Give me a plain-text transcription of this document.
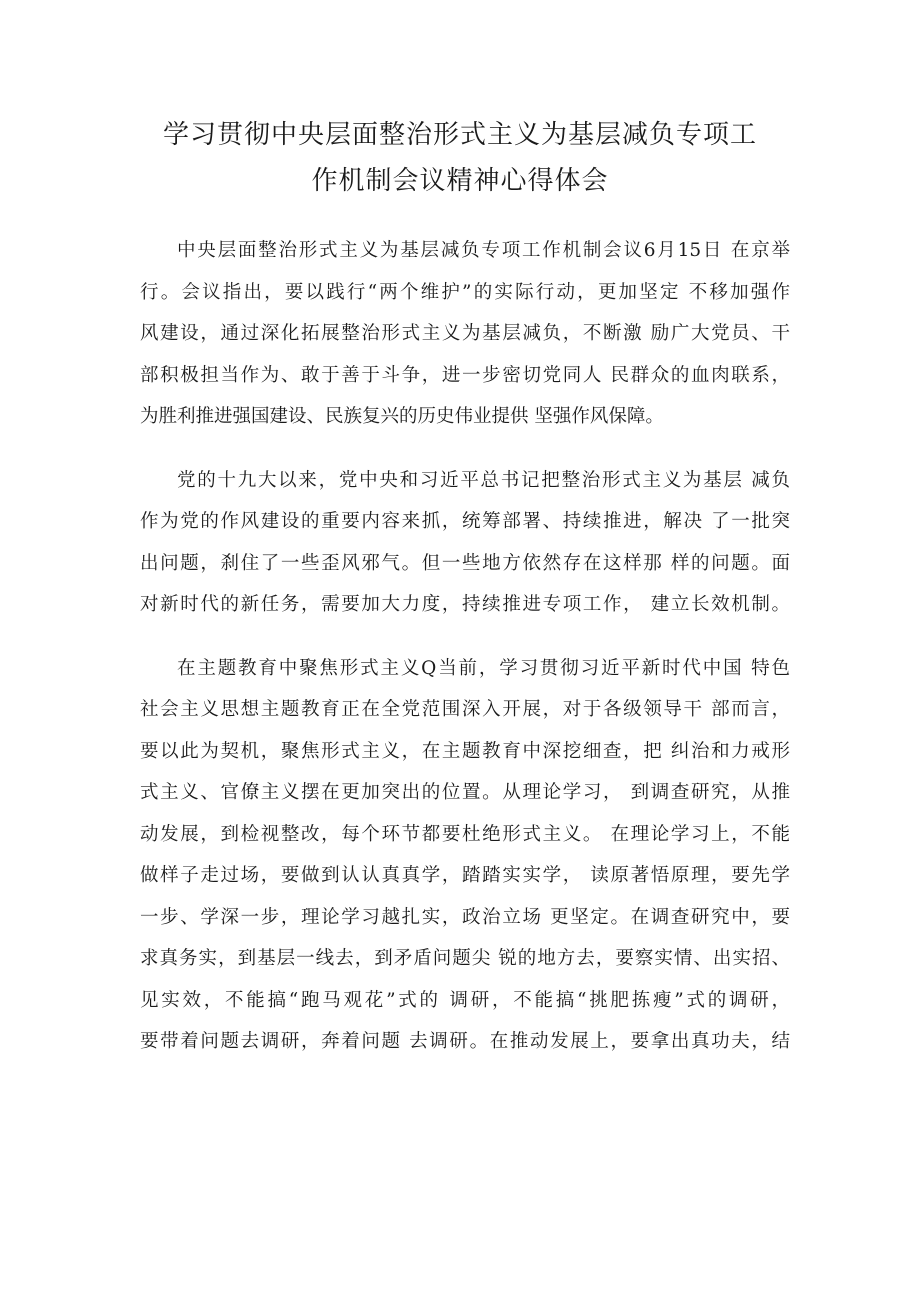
学习贯彻中央层面整治形式主义为基层减负专项工
作机制会议精神心得体会
中央层面整治形式主义为基层减负专项工作机制会议6月15日 在京举
行。会议指出，要以践行“两个维护”的实际行动，更加坚定 不移加强作
风建设，通过深化拓展整治形式主义为基层减负，不断激 励广大党员、干
部积极担当作为、敢于善于斗争，进一步密切党同人 民群众的血肉联系，
为胜利推进强国建设、民族复兴的历史伟业提供 坚强作风保障。
党的十九大以来，党中央和习近平总书记把整治形式主义为基层 减负
作为党的作风建设的重要内容来抓，统筹部署、持续推进，解决 了一批突
出问题，刹住了一些歪风邪气。但一些地方依然存在这样那 样的问题。面
对新时代的新任务，需要加大力度，持续推进专项工作， 建立长效机制。
在主题教育中聚焦形式主义Q当前，学习贯彻习近平新时代中国 特色
社会主义思想主题教育正在全党范围深入开展，对于各级领导干 部而言，
要以此为契机，聚焦形式主义，在主题教育中深挖细查，把 纠治和力戒形
式主义、官僚主义摆在更加突出的位置。从理论学习， 到调查研究，从推
动发展，到检视整改，每个环节都要杜绝形式主义。 在理论学习上，不能
做样子走过场，要做到认认真真学，踏踏实实学， 读原著悟原理，要先学
一步、学深一步，理论学习越扎实，政治立场 更坚定。在调查研究中，要
求真务实，到基层一线去，到矛盾问题尖 锐的地方去，要察实情、出实招、
见实效，不能搞“跑马观花”式的 调研，不能搞“挑肥拣瘦”式的调研，
要带着问题去调研，奔着问题 去调研。在推动发展上，要拿出真功夫，结
